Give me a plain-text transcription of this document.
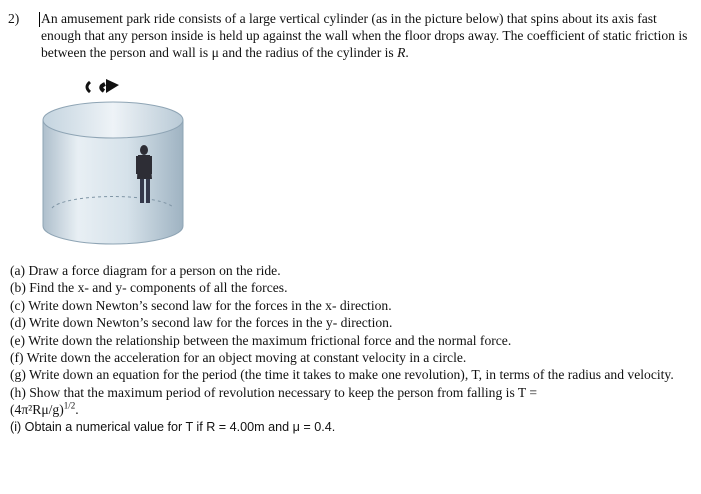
2) An amusement park ride consists of a large vertical cylinder (as in the picture below) that spins about its axis fast enough that any person inside is held up against the wall when the floor drops away. The coefficient of static friction is between the person and wall is μ and the radius of the cylinder is R.
(a) Draw a force diagram for a person on the ride.
(b) Find the x- and y- components of all the forces.
(c) Write down Newton’s second law for the forces in the x- direction.
(d) Write down Newton’s second law for the forces in the y- direction.
(e) Write down the relationship between the maximum frictional force and the normal force.
(f) Write down the acceleration for an object moving at constant velocity in a circle.
(g) Write down an equation for the period (the time it takes to make one revolution), T, in terms of the radius and velocity.
(h) Show that the maximum period of revolution necessary to keep the person from falling is T =
$(4\pi^2R\mu/g)^{1/2}$.
(i) Obtain a numerical value for T if R = 4.00m and μ = 0.4.
